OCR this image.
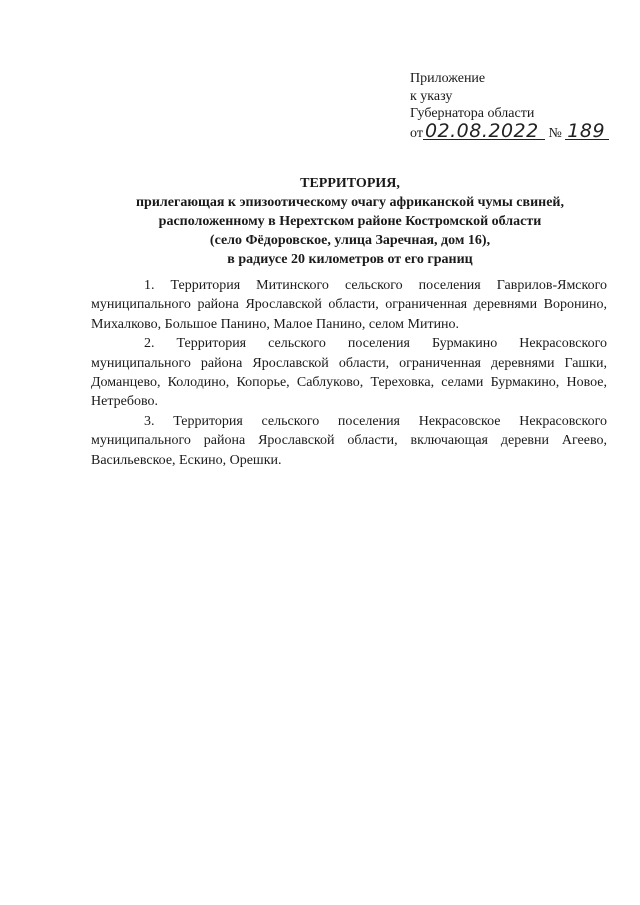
Приложение
к указу
Губернатора области
от 02.08.2022 № 189
ТЕРРИТОРИЯ,
прилегающая к эпизоотическому очагу африканской чумы свиней,
расположенному в Нерехтском районе Костромской области
(село Фёдоровское, улица Заречная, дом 16),
в радиусе 20 километров от его границ

1. Территория Митинского сельского поселения Гаврилов-Ямского муниципального района Ярославской области, ограниченная деревнями Воронино, Михалково, Большое Панино, Малое Панино, селом Митино.

2. Территория сельского поселения Бурмакино Некрасовского муниципального района Ярославской области, ограниченная деревнями Гашки, Доманцево, Колодино, Копорье, Саблуково, Тереховка, селами Бурмакино, Новое, Нетребово.

3. Территория сельского поселения Некрасовское Некрасовского муниципального района Ярославской области, включающая деревни Агеево, Васильевское, Ескино, Орешки.
